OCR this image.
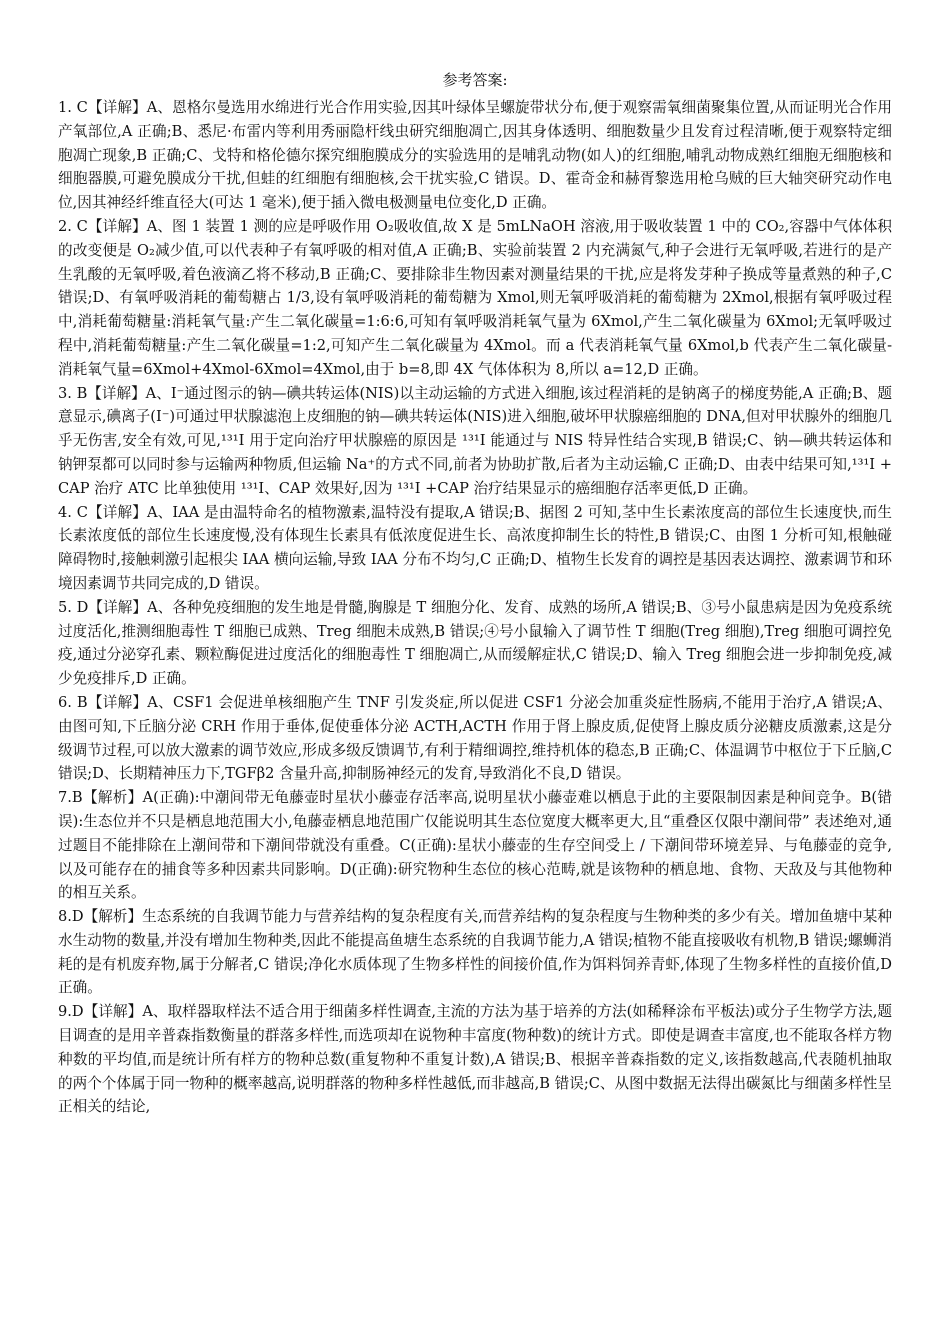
参考答案:

1. C【详解】A、恩格尔曼选用水绵进行光合作用实验,因其叶绿体呈螺旋带状分布,便于观察需氧细菌聚集位置,从而证明光合作用产氧部位,A 正确;B、悉尼·布雷内等利用秀丽隐杆线虫研究细胞凋亡,因其身体透明、细胞数量少且发育过程清晰,便于观察特定细胞凋亡现象,B 正确;C、戈特和格伦德尔探究细胞膜成分的实验选用的是哺乳动物(如人)的红细胞,哺乳动物成熟红细胞无细胞核和细胞器膜,可避免膜成分干扰,但蛙的红细胞有细胞核,会干扰实验,C 错误。D、霍奇金和赫胥黎选用枪乌贼的巨大轴突研究动作电位,因其神经纤维直径大(可达 1 毫米),便于插入微电极测量电位变化,D 正确。

2. C【详解】A、图 1 装置 1 测的应是呼吸作用 O₂吸收值,故 X 是 5mLNaOH 溶液,用于吸收装置 1 中的 CO₂,容器中气体体积的改变便是 O₂减少值,可以代表种子有氧呼吸的相对值,A 正确;B、实验前装置 2 内充满氮气,种子会进行无氧呼吸,若进行的是产生乳酸的无氧呼吸,着色液滴乙将不移动,B 正确;C、要排除非生物因素对测量结果的干扰,应是将发芽种子换成等量煮熟的种子,C 错误;D、有氧呼吸消耗的葡萄糖占 1/3,设有氧呼吸消耗的葡萄糖为 Xmol,则无氧呼吸消耗的葡萄糖为 2Xmol,根据有氧呼吸过程中,消耗葡萄糖量:消耗氧气量:产生二氧化碳量=1:6:6,可知有氧呼吸消耗氧气量为 6Xmol,产生二氧化碳量为 6Xmol;无氧呼吸过程中,消耗葡萄糖量:产生二氧化碳量=1:2,可知产生二氧化碳量为 4Xmol。而 a 代表消耗氧气量 6Xmol,b 代表产生二氧化碳量-消耗氧气量=6Xmol+4Xmol-6Xmol=4Xmol,由于 b=8,即 4X 气体体积为 8,所以 a=12,D 正确。

3. B【详解】A、I⁻通过图示的钠—碘共转运体(NIS)以主动运输的方式进入细胞,该过程消耗的是钠离子的梯度势能,A 正确;B、题意显示,碘离子(I⁻)可通过甲状腺滤泡上皮细胞的钠—碘共转运体(NIS)进入细胞,破坏甲状腺癌细胞的 DNA,但对甲状腺外的细胞几乎无伤害,安全有效,可见,¹³¹I 用于定向治疗甲状腺癌的原因是 ¹³¹I 能通过与 NIS 特异性结合实现,B 错误;C、钠—碘共转运体和钠钾泵都可以同时参与运输两种物质,但运输 Na⁺的方式不同,前者为协助扩散,后者为主动运输,C 正确;D、由表中结果可知,¹³¹I +CAP 治疗 ATC 比单独使用 ¹³¹I、CAP 效果好,因为 ¹³¹I +CAP 治疗结果显示的癌细胞存活率更低,D 正确。

4. C【详解】A、IAA 是由温特命名的植物激素,温特没有提取,A 错误;B、据图 2 可知,茎中生长素浓度高的部位生长速度快,而生长素浓度低的部位生长速度慢,没有体现生长素具有低浓度促进生长、高浓度抑制生长的特性,B 错误;C、由图 1 分析可知,根触碰障碍物时,接触刺激引起根尖 IAA 横向运输,导致 IAA 分布不均匀,C 正确;D、植物生长发育的调控是基因表达调控、激素调节和环境因素调节共同完成的,D 错误。

5. D【详解】A、各种免疫细胞的发生地是骨髓,胸腺是 T 细胞分化、发育、成熟的场所,A 错误;B、③号小鼠患病是因为免疫系统过度活化,推测细胞毒性 T 细胞已成熟、Treg 细胞未成熟,B 错误;④号小鼠输入了调节性 T 细胞(Treg 细胞),Treg 细胞可调控免疫,通过分泌穿孔素、颗粒酶促进过度活化的细胞毒性 T 细胞凋亡,从而缓解症状,C 错误;D、输入 Treg 细胞会进一步抑制免疫,减少免疫排斥,D 正确。

6. B【详解】A、CSF1 会促进单核细胞产生 TNF 引发炎症,所以促进 CSF1 分泌会加重炎症性肠病,不能用于治疗,A 错误;A、由图可知,下丘脑分泌 CRH 作用于垂体,促使垂体分泌 ACTH,ACTH 作用于肾上腺皮质,促使肾上腺皮质分泌糖皮质激素,这是分级调节过程,可以放大激素的调节效应,形成多级反馈调节,有利于精细调控,维持机体的稳态,B 正确;C、体温调节中枢位于下丘脑,C 错误;D、长期精神压力下,TGFβ2 含量升高,抑制肠神经元的发育,导致消化不良,D 错误。

7.B【解析】A(正确):中潮间带无龟藤壶时星状小藤壶存活率高,说明星状小藤壶难以栖息于此的主要限制因素是种间竞争。B(错误):生态位并不只是栖息地范围大小,龟藤壶栖息地范围广仅能说明其生态位宽度大概率更大,且“重叠区仅限中潮间带” 表述绝对,通过题目不能排除在上潮间带和下潮间带就没有重叠。C(正确):星状小藤壶的生存空间受上 / 下潮间带环境差异、与龟藤壶的竞争,以及可能存在的捕食等多种因素共同影响。D(正确):研究物种生态位的核心范畴,就是该物种的栖息地、食物、天敌及与其他物种的相互关系。

8.D【解析】生态系统的自我调节能力与营养结构的复杂程度有关,而营养结构的复杂程度与生物种类的多少有关。增加鱼塘中某种水生动物的数量,并没有增加生物种类,因此不能提高鱼塘生态系统的自我调节能力,A 错误;植物不能直接吸收有机物,B 错误;螺蛳消耗的是有机废弃物,属于分解者,C 错误;净化水质体现了生物多样性的间接价值,作为饵料饲养青虾,体现了生物多样性的直接价值,D 正确。

9.D【详解】A、取样器取样法不适合用于细菌多样性调查,主流的方法为基于培养的方法(如稀释涂布平板法)或分子生物学方法,题目调查的是用辛普森指数衡量的群落多样性,而选项却在说物种丰富度(物种数)的统计方式。即使是调查丰富度,也不能取各样方物种数的平均值,而是统计所有样方的物种总数(重复物种不重复计数),A 错误;B、根据辛普森指数的定义,该指数越高,代表随机抽取的两个个体属于同一物种的概率越高,说明群落的物种多样性越低,而非越高,B 错误;C、从图中数据无法得出碳氮比与细菌多样性呈正相关的结论,
